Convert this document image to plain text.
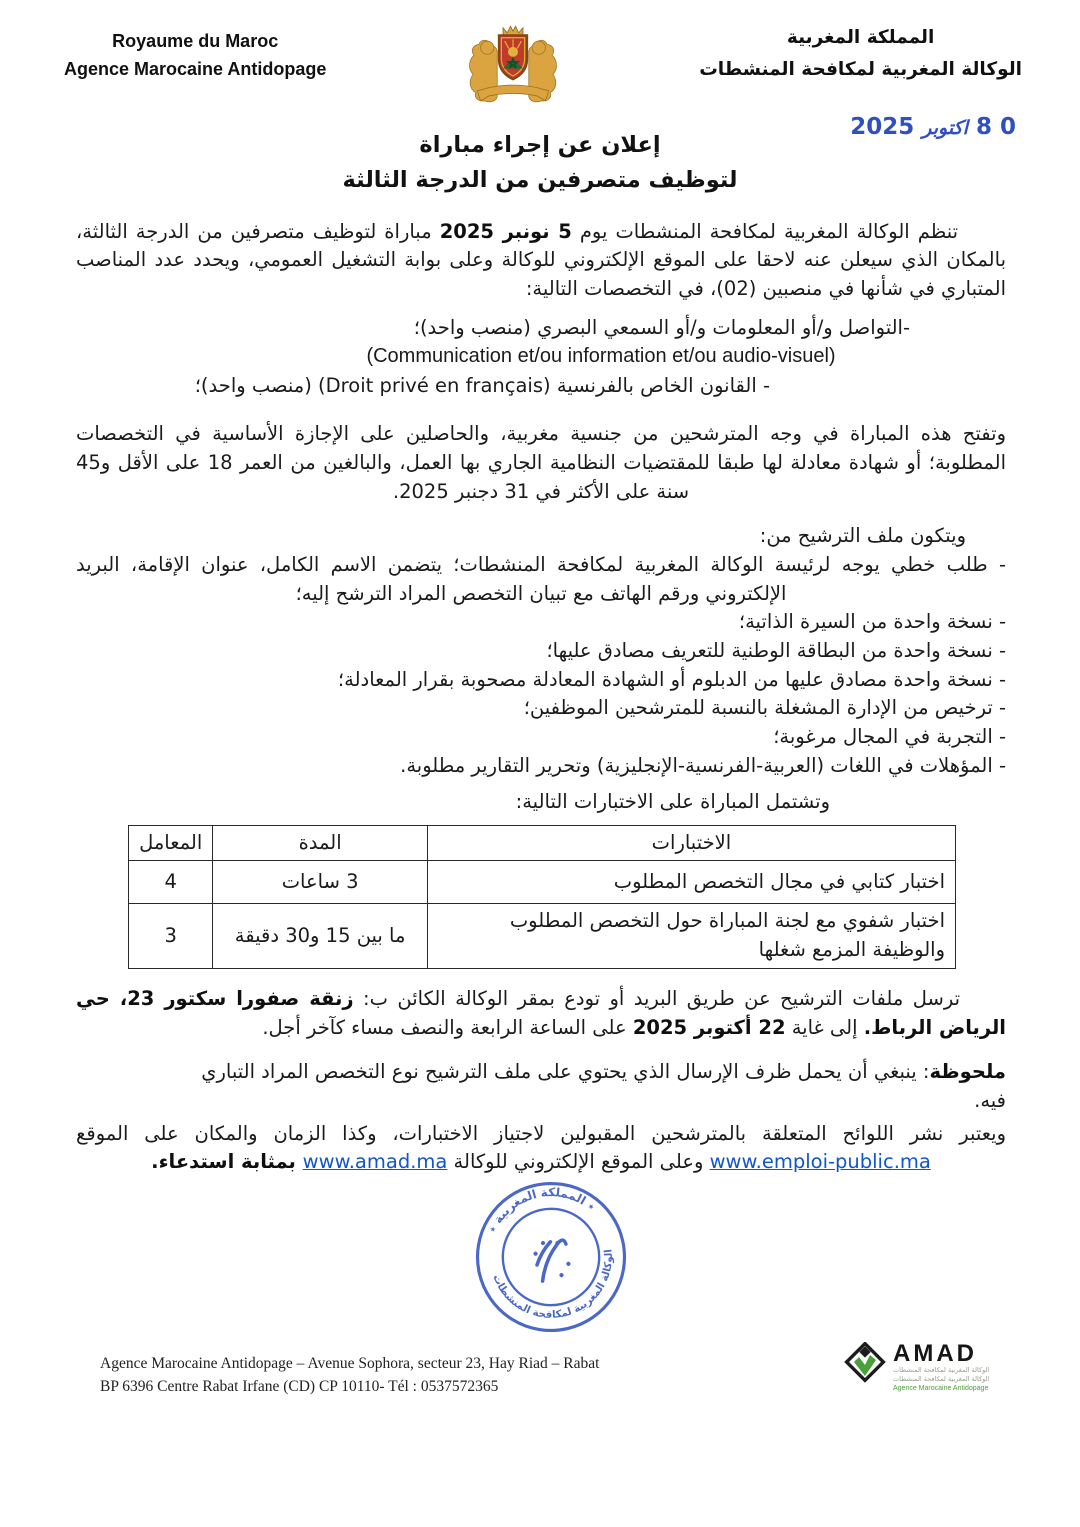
Royaume du Maroc
Agence Marocaine Antidopage
المملكة المغربية
الوكالة المغربية لمكافحة المنشطات
0 8 اكتوبر 2025
إعلان عن إجراء مباراة
لتوظيف متصرفين من الدرجة الثالثة

تنظم الوكالة المغربية لمكافحة المنشطات يوم 5 نونبر 2025 مباراة لتوظيف متصرفين من الدرجة الثالثة، بالمكان الذي سيعلن عنه لاحقا على الموقع الإلكتروني للوكالة وعلى بوابة التشغيل العمومي، ويحدد عدد المناصب المتباري في شأنها في منصبين (02)، في التخصصات التالية:

-التواصل و/أو المعلومات و/أو السمعي البصري (منصب واحد)؛
(Communication et/ou information et/ou audio-visuel)
- القانون الخاص بالفرنسية (Droit privé en français) (منصب واحد)؛

وتفتح هذه المباراة في وجه المترشحين من جنسية مغربية، والحاصلين على الإجازة الأساسية في التخصصات المطلوبة؛ أو شهادة معادلة لها طبقا للمقتضيات النظامية الجاري بها العمل، والبالغين من العمر 18 على الأقل و45 سنة على الأكثر في 31 دجنبر 2025.

ويتكون ملف الترشيح من:
- طلب خطي يوجه لرئيسة الوكالة المغربية لمكافحة المنشطات؛ يتضمن الاسم الكامل، عنوان الإقامة، البريد الإلكتروني ورقم الهاتف مع تبيان التخصص المراد الترشح إليه؛
- نسخة واحدة من السيرة الذاتية؛
- نسخة واحدة من البطاقة الوطنية للتعريف مصادق عليها؛
- نسخة واحدة مصادق عليها من الدبلوم أو الشهادة المعادلة مصحوبة بقرار المعادلة؛
- ترخيص من الإدارة المشغلة بالنسبة للمترشحين الموظفين؛
- التجربة في المجال مرغوبة؛
- المؤهلات في اللغات (العربية-الفرنسية-الإنجليزية) وتحرير التقارير مطلوبة.
وتشتمل المباراة على الاختبارات التالية:
الاختبارات	المدة	المعامل
اختبار كتابي في مجال التخصص المطلوب	3 ساعات	4
اختبار شفوي مع لجنة المباراة حول التخصص المطلوب والوظيفة المزمع شغلها	ما بين 15 و30 دقيقة	3

ترسل ملفات الترشيح عن طريق البريد أو تودع بمقر الوكالة الكائن ب: زنقة صفورا سكتور 23، حي الرياض الرباط. إلى غاية 22 أكتوبر 2025 على الساعة الرابعة والنصف مساء كآخر أجل.

ملحوظة: ينبغي أن يحمل ظرف الإرسال الذي يحتوي على ملف الترشيح نوع التخصص المراد التباري

فيه.

ويعتبر نشر اللوائح المتعلقة بالمترشحين المقبولين لاجتياز الاختبارات، وكذا الزمان والمكان على الموقع www.emploi-public.ma وعلى الموقع الإلكتروني للوكالة www.amad.ma بمثابة استدعاء.

٭ المملكة المغربية ٭
الوكالة المغربية لمكافحة المنشطات
Agence Marocaine Antidopage – Avenue Sophora, secteur 23, Hay Riad – Rabat
BP 6396 Centre Rabat Irfane (CD) CP 10110- Tél : 0537572365
AMAD
الوكالة المغربية لمكافحة المنشطات
الوكالة المغربية لمكافحة المنشطات
Agence Marocaine Antidopage
